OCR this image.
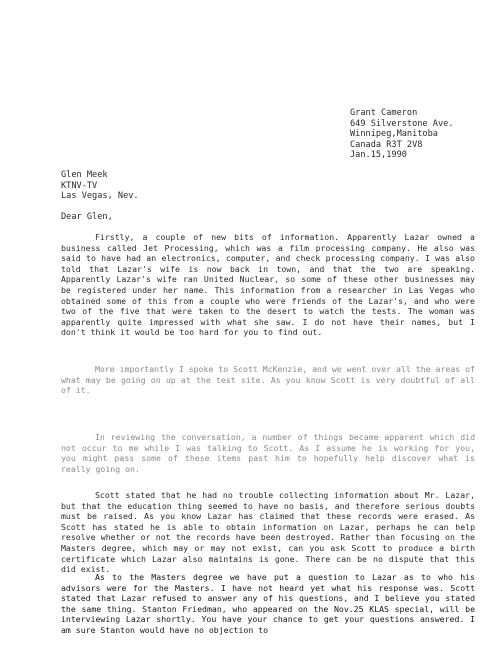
Grant Cameron
649 Silverstone Ave.
Winnipeg,Manitoba
Canada R3T 2V8
Jan.15,1990
Glen Meek
KTNV-TV
Las Vegas, Nev.
Dear Glen,
Firstly, a couple of new bits of information. Apparently Lazar owned a business called Jet Processing, which was a film processing company. He also was said to have had an electronics, computer, and check processing company. I was also told that Lazar's wife is now back in town, and that the two are speaking. Apparently Lazar's wife ran United Nuclear, so some of these other businesses may be registered under her name. This information from a researcher in Las Vegas who obtained some of this from a couple who were friends of the Lazar's, and who were two of the five that were taken to the desert to watch the tests. The woman was apparently quite impressed with what she saw. I do not have their names, but I don't think it would be too hard for you to find out.
More importantly I spoke to Scott McKenzie, and we went over all the areas of what may be going on up at the test site. As you know Scott is very doubtful of all of it.
In reviewing the conversation, a number of things became apparent which did not occur to me while I was talking to Scott. As I assume he is working for you, you might pass some of these items past him to hopefully help discover what is really going on.
Scott stated that he had no trouble collecting information about Mr. Lazar, but that the education thing seemed to have no basis, and therefore serious doubts must be raised. As you know Lazar has claimed that these records were erased. As Scott has stated he is able to obtain information on Lazar, perhaps he can help resolve whether or not the records have been destroyed. Rather than focusing on the Masters degree, which may or may not exist, can you ask Scott to produce a birth certificate which Lazar also maintains is gone. There can be no dispute that this did exist.
As to the Masters degree we have put a question to Lazar as to who his advisors were for the Masters. I have not heard yet what his response was. Scott stated that Lazar refused to answer any of his questions, and I believe you stated the same thing. Stanton Friedman, who appeared on the Nov.25 KLAS special, will be interviewing Lazar shortly. You have your chance to get your questions answered. I am sure Stanton would have no objection to
